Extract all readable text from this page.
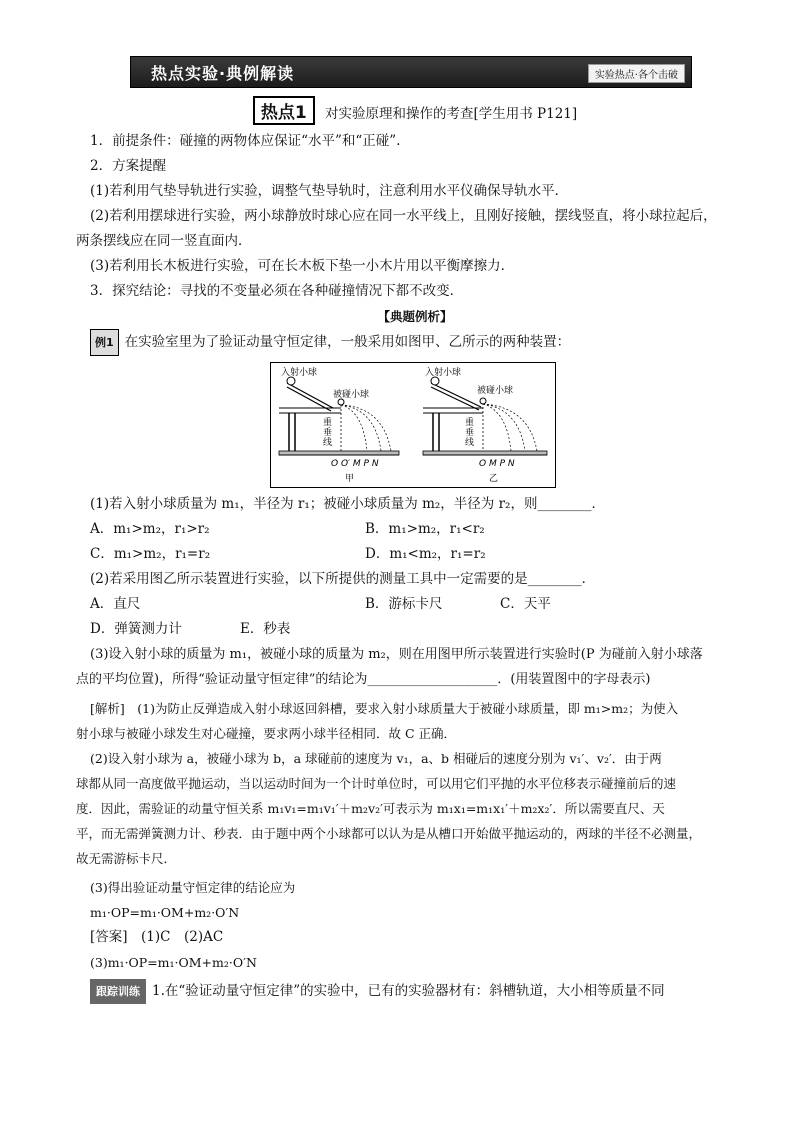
热点实验·典例解读	实验热点·各个击破
热点1 对实验原理和操作的考查[学生用书 P121]

1．前提条件：碰撞的两物体应保证“水平”和“正碰”．

2．方案提醒

(1)若利用气垫导轨进行实验，调整气垫导轨时，注意利用水平仪确保导轨水平．

(2)若利用摆球进行实验，两小球静放时球心应在同一水平线上，且刚好接触，摆线竖直，将小球拉起后，

两条摆线应在同一竖直面内．

(3)若利用长木板进行实验，可在长木板下垫一小木片用以平衡摩擦力．

3．探究结论：寻找的不变量必须在各种碰撞情况下都不改变．

【典题例析】

例1 在实验室里为了验证动量守恒定律，一般采用如图甲、乙所示的两种装置：

入射小球
被碰小球
重
垂
线
O O′ M P N
甲
入射小球
被碰小球
重
垂
线
O M P N
乙

(1)若入射小球质量为 m₁，半径为 r₁；被碰小球质量为 m₂，半径为 r₂，则________．

A．m₁>m₂，r₁>r₂	B．m₁>m₂，r₁<r₂
C．m₁>m₂，r₁=r₂	D．m₁<m₂，r₁=r₂

(2)若采用图乙所示装置进行实验，以下所提供的测量工具中一定需要的是________．

A．直尺	B．游标卡尺	C．天平
D．弹簧测力计	E．秒表

(3)设入射小球的质量为 m₁，被碰小球的质量为 m₂，则在用图甲所示装置进行实验时(P 为碰前入射小球落

点的平均位置)，所得“验证动量守恒定律”的结论为____________________．(用装置图中的字母表示)

[解析]　(1)为防止反弹造成入射小球返回斜槽，要求入射小球质量大于被碰小球质量，即 m₁>m₂；为使入

射小球与被碰小球发生对心碰撞，要求两小球半径相同．故 C 正确．

(2)设入射小球为 a，被碰小球为 b，a 球碰前的速度为 v₁，a、b 相碰后的速度分别为 v₁′、v₂′．由于两

球都从同一高度做平抛运动，当以运动时间为一个计时单位时，可以用它们平抛的水平位移表示碰撞前后的速

度．因此，需验证的动量守恒关系 m₁v₁=m₁v₁′＋m₂v₂′可表示为 m₁x₁=m₁x₁′＋m₂x₂′．所以需要直尺、天

平，而无需弹簧测力计、秒表．由于题中两个小球都可以认为是从槽口开始做平抛运动的，两球的半径不必测量，

故无需游标卡尺．

(3)得出验证动量守恒定律的结论应为

m₁·OP=m₁·OM+m₂·O′N

[答案]　(1)C　(2)AC

(3)m₁·OP=m₁·OM+m₂·O′N

跟踪训练 1.在“验证动量守恒定律”的实验中，已有的实验器材有：斜槽轨道，大小相等质量不同
